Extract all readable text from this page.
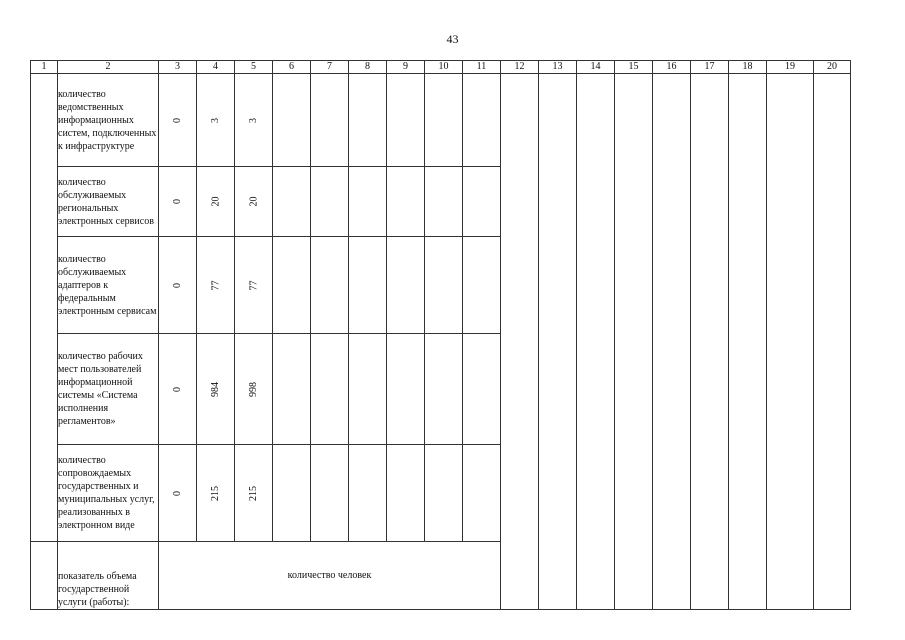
43
1	2	3	4	5	6	7	8	9	10	11	12	13	14	15	16	17	18	19	20
	количество ведомственных информационных систем, подключенных к инфраструктуре	0	3	3															
	количество обслуживаемых региональных электронных сервисов	0	20	20															
	количество обслуживаемых адаптеров к федеральным электронным сервисам	0	77	77															
	количество рабочих мест пользователей информационной системы «Система исполнения регламентов»	0	984	998															
	количество сопровождаемых государственных и муниципальных услуг, реализованных в электронном виде	0	215	215															
	показатель объема государственной услуги (работы):	количество человек																	
